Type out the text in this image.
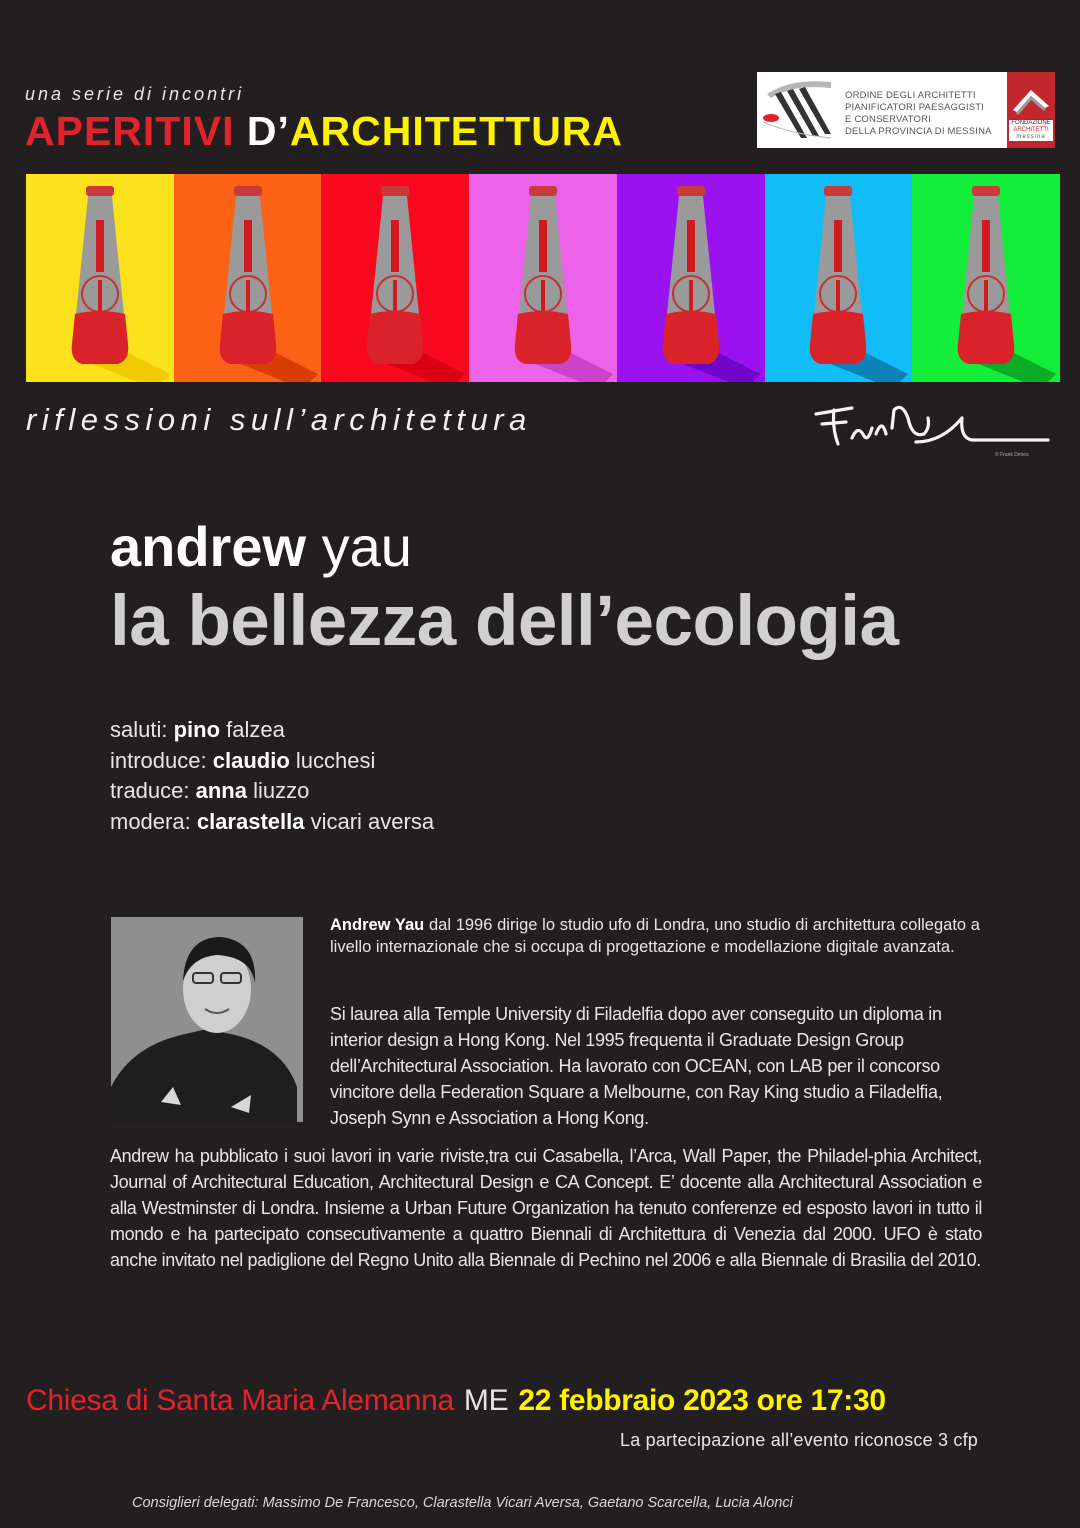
una serie di incontri
APERITIVI D’ARCHITETTURA
ORDINE DEGLI ARCHITETTI
PIANIFICATORI PAESAGGISTI
E CONSERVATORI
DELLA PROVINCIA DI MESSINA
FONDAZIONE
ARCHITETTI
messina
riflessioni sull’architettura
© Frank Dimeo
andrew yau
la bellezza dell’ecologia
saluti: pino falzea
introduce: claudio lucchesi
traduce: anna liuzzo
modera: clarastella vicari aversa
Andrew Yau dal 1996 dirige lo studio ufo di Londra, uno studio di architettura collegato a livello internazionale che si occupa di progettazione e modellazione digitale avanzata.
Si laurea alla Temple University di Filadelfia dopo aver conseguito un diploma in interior design a Hong Kong. Nel 1995 frequenta il Graduate Design Group dell’Architectural Association. Ha lavorato con OCEAN, con LAB per il concorso vincitore della Federation Square a Melbourne, con Ray King studio a Filadelfia, Joseph Synn e Association a Hong Kong.
Andrew ha pubblicato i suoi lavori in varie riviste,tra cui Casabella, l’Arca, Wall Paper, the Philadel-phia Architect, Journal of Architectural Education, Architectural Design e CA Concept. E’ docente alla Architectural Association e alla Westminster di Londra. Insieme a Urban Future Organization ha tenuto conferenze ed esposto lavori in tutto il mondo e ha partecipato consecutivamente a quattro Biennali di Architettura di Venezia dal 2000. UFO è stato anche invitato nel padiglione del Regno Unito alla Biennale di Pechino nel 2006 e alla Biennale di Brasilia del 2010.
Chiesa di Santa Maria Alemanna ME 22 febbraio 2023 ore 17:30
La partecipazione all’evento riconosce 3 cfp
Consiglieri delegati: Massimo De Francesco, Clarastella Vicari Aversa, Gaetano Scarcella, Lucia Alonci
